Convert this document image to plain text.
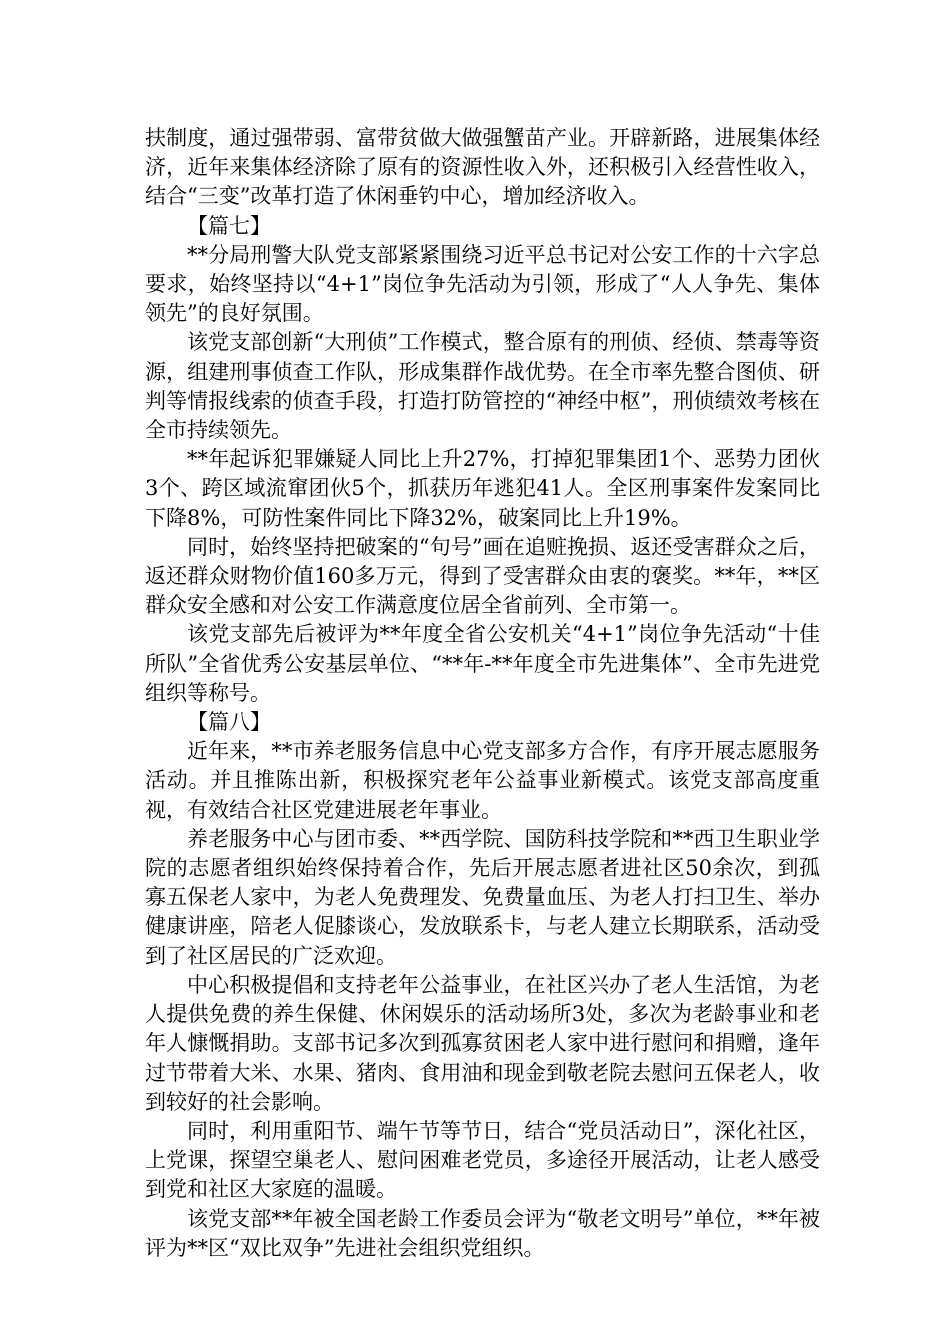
扶制度，通过强带弱、富带贫做大做强蟹苗产业。开辟新路，进展集体经济，近年来集体经济除了原有的资源性收入外，还积极引入经营性收入，结合“三变”改革打造了休闲垂钓中心，增加经济收入。

【篇七】

**分局刑警大队党支部紧紧围绕习近平总书记对公安工作的十六字总要求，始终坚持以“4+1”岗位争先活动为引领，形成了“人人争先、集体领先”的良好氛围。

该党支部创新“大刑侦”工作模式，整合原有的刑侦、经侦、禁毒等资源，组建刑事侦查工作队，形成集群作战优势。在全市率先整合图侦、研判等情报线索的侦查手段，打造打防管控的“神经中枢”，刑侦绩效考核在全市持续领先。

**年起诉犯罪嫌疑人同比上升27%，打掉犯罪集团1个、恶势力团伙3个、跨区域流窜团伙5个，抓获历年逃犯41人。全区刑事案件发案同比下降8%，可防性案件同比下降32%，破案同比上升19%。

同时，始终坚持把破案的“句号”画在追赃挽损、返还受害群众之后，返还群众财物价值160多万元，得到了受害群众由衷的褒奖。**年，**区群众安全感和对公安工作满意度位居全省前列、全市第一。

该党支部先后被评为**年度全省公安机关“4+1”岗位争先活动“十佳所队”全省优秀公安基层单位、“**年-**年度全市先进集体”、全市先进党组织等称号。

【篇八】

近年来，**市养老服务信息中心党支部多方合作，有序开展志愿服务活动。并且推陈出新，积极探究老年公益事业新模式。该党支部高度重视，有效结合社区党建进展老年事业。

养老服务中心与团市委、**西学院、国防科技学院和**西卫生职业学院的志愿者组织始终保持着合作，先后开展志愿者进社区50余次，到孤寡五保老人家中，为老人免费理发、免费量血压、为老人打扫卫生、举办健康讲座，陪老人促膝谈心，发放联系卡，与老人建立长期联系，活动受到了社区居民的广泛欢迎。

中心积极提倡和支持老年公益事业，在社区兴办了老人生活馆，为老人提供免费的养生保健、休闲娱乐的活动场所3处，多次为老龄事业和老年人慷慨捐助。支部书记多次到孤寡贫困老人家中进行慰问和捐赠，逢年过节带着大米、水果、猪肉、食用油和现金到敬老院去慰问五保老人，收到较好的社会影响。

同时，利用重阳节、端午节等节日，结合“党员活动日”，深化社区，上党课，探望空巢老人、慰问困难老党员，多途径开展活动，让老人感受到党和社区大家庭的温暖。

该党支部**年被全国老龄工作委员会评为“敬老文明号”单位，**年被评为**区“双比双争”先进社会组织党组织。
